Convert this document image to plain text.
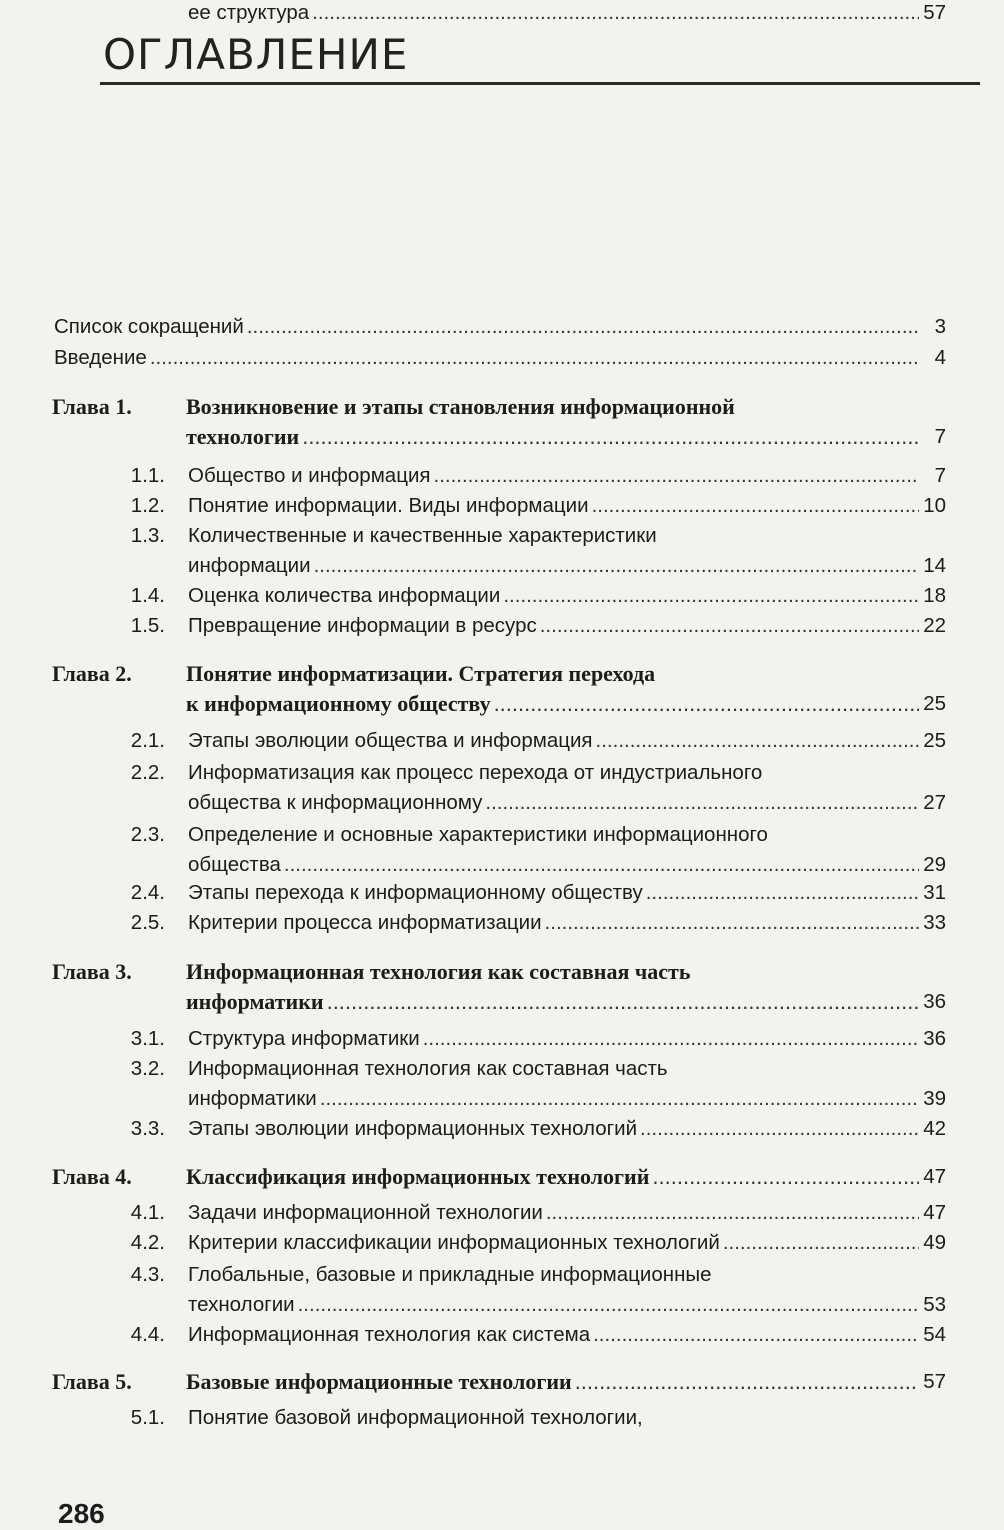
ОГЛАВЛЕНИЕ
Список сокращений .....	3
Введение .....	4
Глава 1. Возникновение и этапы становления информационной
технологии .....	7
1.1. Общество и информация .....	7
1.2. Понятие информации. Виды информации .....	10
1.3. Количественные и качественные характеристики
информации .....	14
1.4. Оценка количества информации .....	18
1.5. Превращение информации в ресурс .....	22
Глава 2. Понятие информатизации. Стратегия перехода
к информационному обществу .....	25
2.1. Этапы эволюции общества и информация .....	25
2.2. Информатизация как процесс перехода от индустриального
общества к информационному .....	27
2.3. Определение и основные характеристики информационного
общества .....	29
2.4. Этапы перехода к информационному обществу .....	31
2.5. Критерии процесса информатизации .....	33
Глава 3. Информационная технология как составная часть
информатики .....	36
3.1. Структура информатики .....	36
3.2. Информационная технология как составная часть
информатики .....	39
3.3. Этапы эволюции информационных технологий .....	42
Глава 4. Классификация информационных технологий .....	47
4.1. Задачи информационной технологии .....	47
4.2. Критерии классификации информационных технологий .....	49
4.3. Глобальные, базовые и прикладные информационные
технологии .....	53
4.4. Информационная технология как система .....	54
Глава 5. Базовые информационные технологии .....	57
5.1. Понятие базовой информационной технологии,
ее структура .....	57
286
